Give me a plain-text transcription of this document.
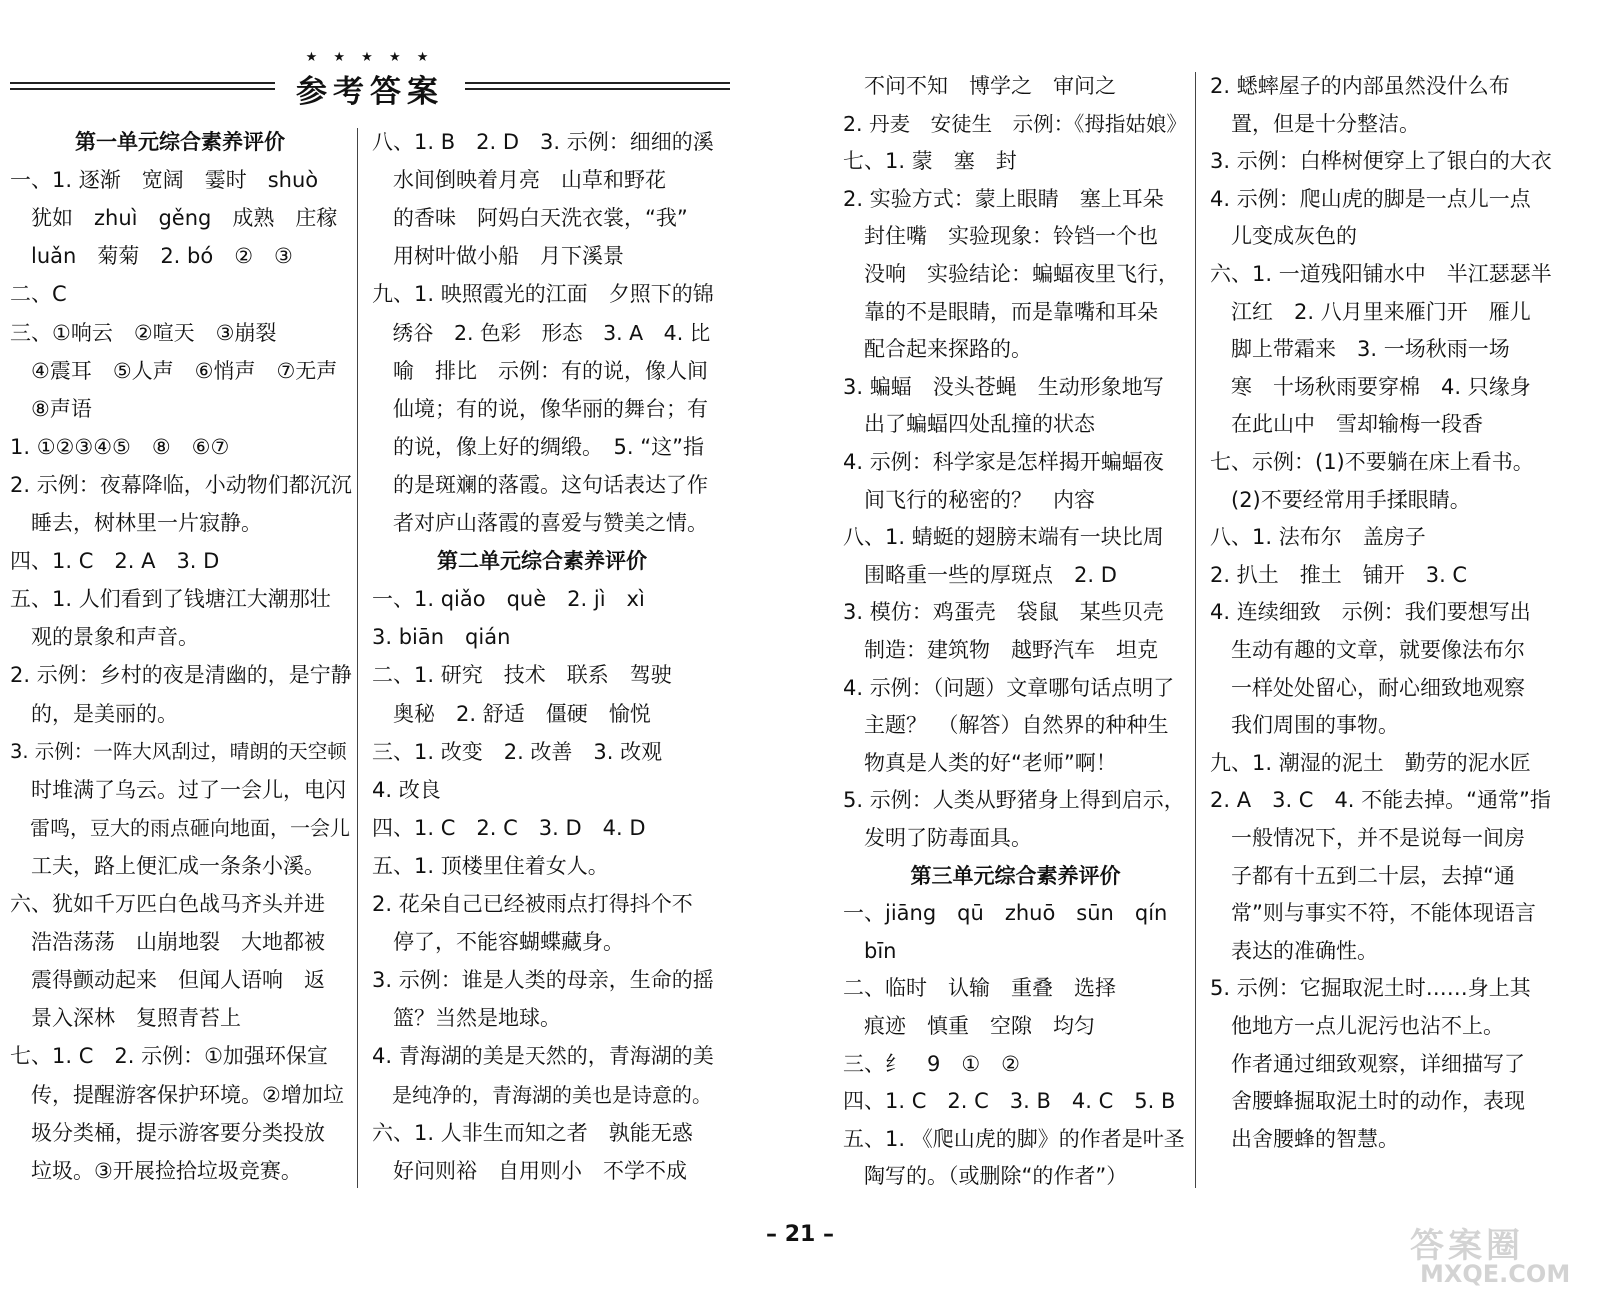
★ ★ ★ ★ ★
参考答案
第一单元综合素养评价
一、1. 逐渐　宽阔　霎时　shuò
　犹如　zhuì　gěng　成熟　庄稼
　luǎn　菊菊　2. bó　②　③
二、C
三、①响云　②喧天　③崩裂
　④震耳　⑤人声　⑥悄声　⑦无声
　⑧声语
1. ①②③④⑤　⑧　⑥⑦
2. 示例：夜幕降临，小动物们都沉沉
　睡去，树林里一片寂静。
四、1. C　2. A　3. D
五、1. 人们看到了钱塘江大潮那壮
　观的景象和声音。
2. 示例：乡村的夜是清幽的，是宁静
　的，是美丽的。
3. 示例：一阵大风刮过，晴朗的天空顿
　时堆满了乌云。过了一会儿，电闪
　雷鸣，豆大的雨点砸向地面，一会儿
　工夫，路上便汇成一条条小溪。
六、犹如千万匹白色战马齐头并进
　浩浩荡荡　山崩地裂　大地都被
　震得颤动起来　但闻人语响　返
　景入深林　复照青苔上
七、1. C　2. 示例：①加强环保宣
　传，提醒游客保护环境。②增加垃
　圾分类桶，提示游客要分类投放
　垃圾。③开展捡拾垃圾竞赛。
八、1. B　2. D　3. 示例：细细的溪
　水间倒映着月亮　山草和野花
　的香味　阿妈白天洗衣裳，“我”
　用树叶做小船　月下溪景
九、1. 映照霞光的江面　夕照下的锦
　绣谷　2. 色彩　形态　3. A　4. 比
　喻　排比　示例：有的说，像人间
　仙境；有的说，像华丽的舞台；有
　的说，像上好的绸缎。　5. “这”指
　的是斑斓的落霞。这句话表达了作
　者对庐山落霞的喜爱与赞美之情。
第二单元综合素养评价
一、1. qiǎo　què　2. jì　xì
3. biān　qián
二、1. 研究　技术　联系　驾驶
　奥秘　2. 舒适　僵硬　愉悦
三、1. 改变　2. 改善　3. 改观
4. 改良
四、1. C　2. C　3. D　4. D
五、1. 顶楼里住着女人。
2. 花朵自己已经被雨点打得抖个不
　停了，不能容蝴蝶藏身。
3. 示例：谁是人类的母亲，生命的摇
　篮？当然是地球。
4. 青海湖的美是天然的，青海湖的美
　是纯净的，青海湖的美也是诗意的。
六、1. 人非生而知之者　孰能无惑
　好问则裕　自用则小　不学不成
　不问不知　博学之　审问之
2. 丹麦　安徒生　示例：《拇指姑娘》
七、1. 蒙　塞　封
2. 实验方式：蒙上眼睛　塞上耳朵
　封住嘴　实验现象：铃铛一个也
　没响　实验结论：蝙蝠夜里飞行，
　靠的不是眼睛，而是靠嘴和耳朵
　配合起来探路的。
3. 蝙蝠　没头苍蝇　生动形象地写
　出了蝙蝠四处乱撞的状态
4. 示例：科学家是怎样揭开蝙蝠夜
　间飞行的秘密的？　内容
八、1. 蜻蜓的翅膀末端有一块比周
　围略重一些的厚斑点　2. D
3. 模仿：鸡蛋壳　袋鼠　某些贝壳
　制造：建筑物　越野汽车　坦克
4. 示例：（问题）文章哪句话点明了
　主题？　（解答）自然界的种种生
　物真是人类的好“老师”啊！
5. 示例：人类从野猪身上得到启示，
　发明了防毒面具。
第三单元综合素养评价
一、jiāng　qū　zhuō　sūn　qín
　bīn
二、临时　认输　重叠　选择
　痕迹　慎重　空隙　均匀
三、纟　9　①　②
四、1. C　2. C　3. B　4. C　5. B
五、1. 《爬山虎的脚》的作者是叶圣
　陶写的。（或删除“的作者”）
2. 蟋蟀屋子的内部虽然没什么布
　置，但是十分整洁。
3. 示例：白桦树便穿上了银白的大衣
4. 示例：爬山虎的脚是一点儿一点
　儿变成灰色的
六、1. 一道残阳铺水中　半江瑟瑟半
　江红　2. 八月里来雁门开　雁儿
　脚上带霜来　3. 一场秋雨一场
　寒　十场秋雨要穿棉　4. 只缘身
　在此山中　雪却输梅一段香
七、示例：(1)不要躺在床上看书。
　(2)不要经常用手揉眼睛。
八、1. 法布尔　盖房子
2. 扒土　推土　铺开　3. C
4. 连续细致　示例：我们要想写出
　生动有趣的文章，就要像法布尔
　一样处处留心，耐心细致地观察
　我们周围的事物。
九、1. 潮湿的泥土　勤劳的泥水匠
2. A　3. C　4. 不能去掉。“通常”指
　一般情况下，并不是说每一间房
　子都有十五到二十层，去掉“通
　常”则与事实不符，不能体现语言
　表达的准确性。
5. 示例：它掘取泥土时……身上其
　他地方一点儿泥污也沾不上。
　作者通过细致观察，详细描写了
　舍腰蜂掘取泥土时的动作，表现
　出舍腰蜂的智慧。
– 21 –	答案圈
MXQE.COM
